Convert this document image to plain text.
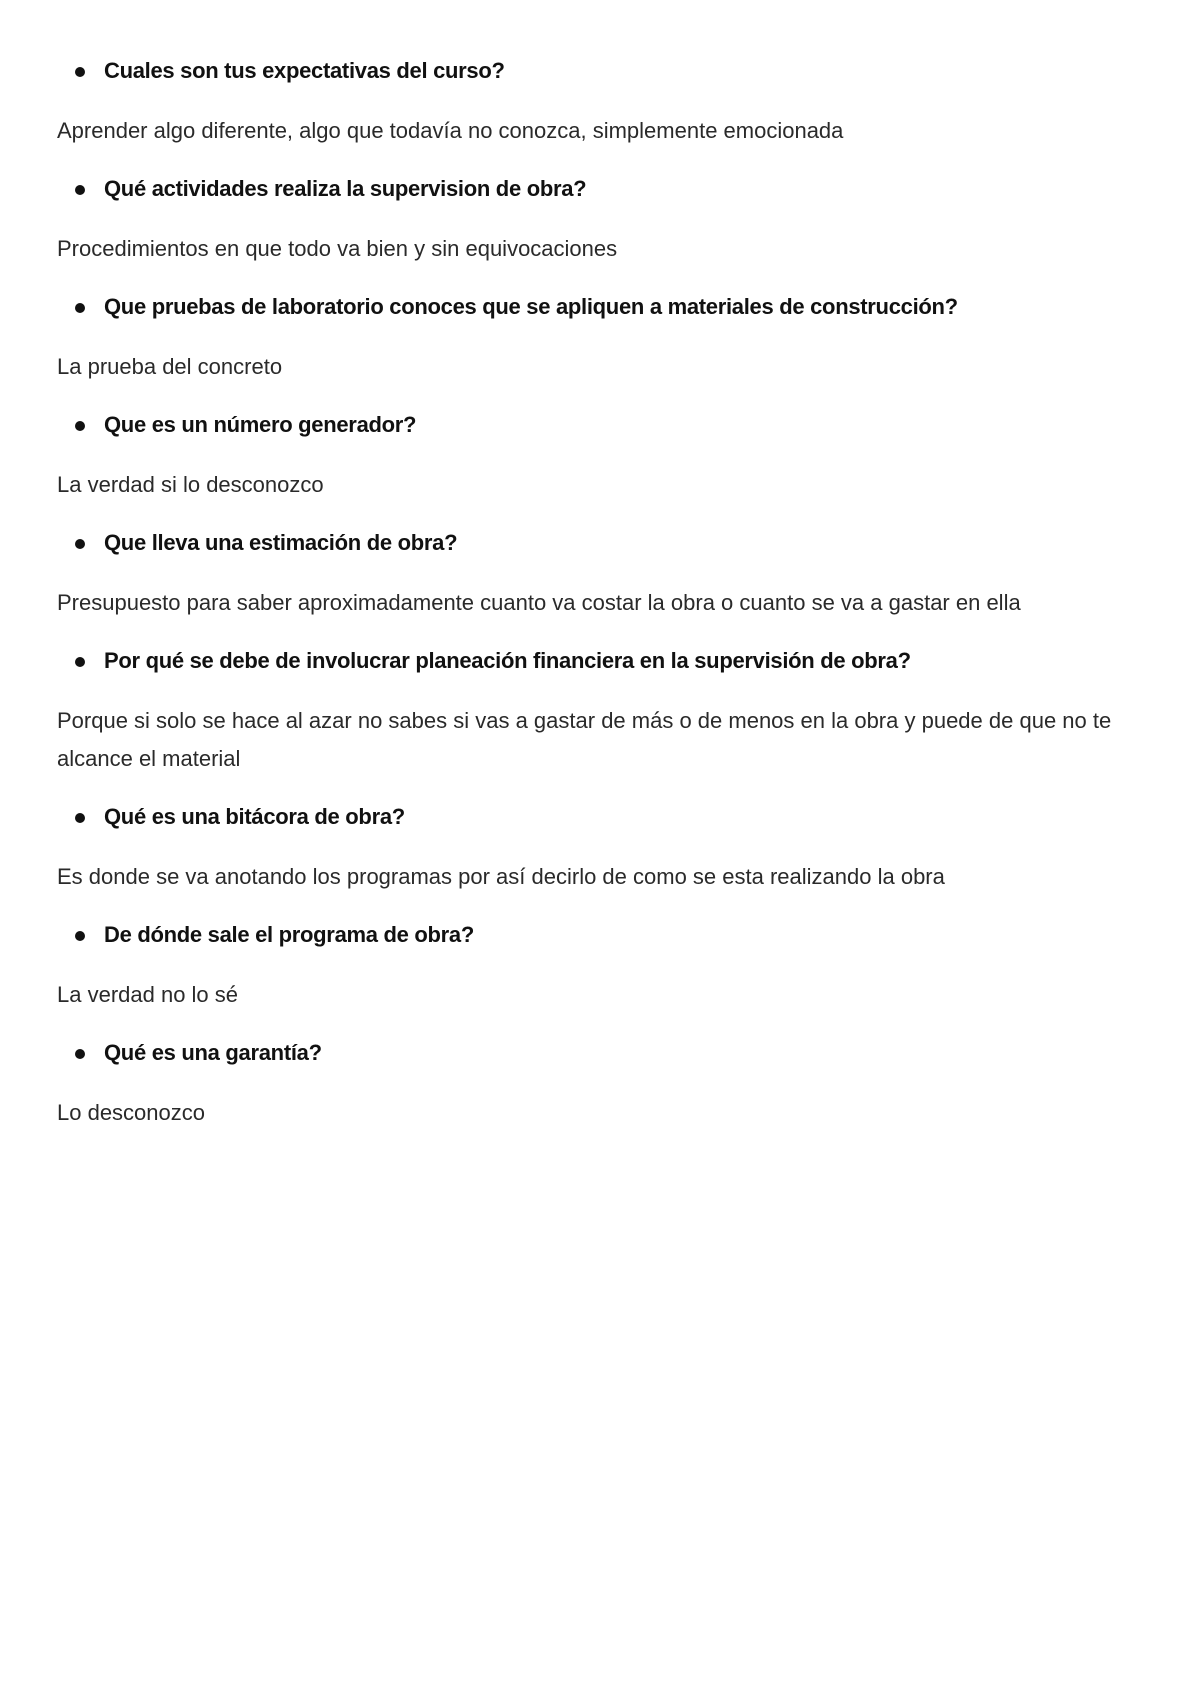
Cuales son tus expectativas del curso?

Aprender algo diferente, algo que todavía no conozca, simplemente emocionada

Qué actividades realiza la supervision de obra?

Procedimientos en que todo va bien y sin equivocaciones

Que pruebas de laboratorio conoces que se apliquen a materiales de construcción?

La prueba del concreto

Que es un número generador?

La verdad si lo desconozco

Que lleva una estimación de obra?

Presupuesto para saber aproximadamente cuanto va costar la obra o cuanto se va a gastar en ella

Por qué se debe de involucrar planeación financiera en la supervisión de obra?

Porque si solo se hace al azar no sabes si vas a gastar de más o de menos en la obra y puede de que no te alcance el material

Qué es una bitácora de obra?

Es donde se va anotando los programas por así decirlo de como se esta realizando la obra

De dónde sale el programa de obra?

La verdad no lo sé

Qué es una garantía?

Lo desconozco
